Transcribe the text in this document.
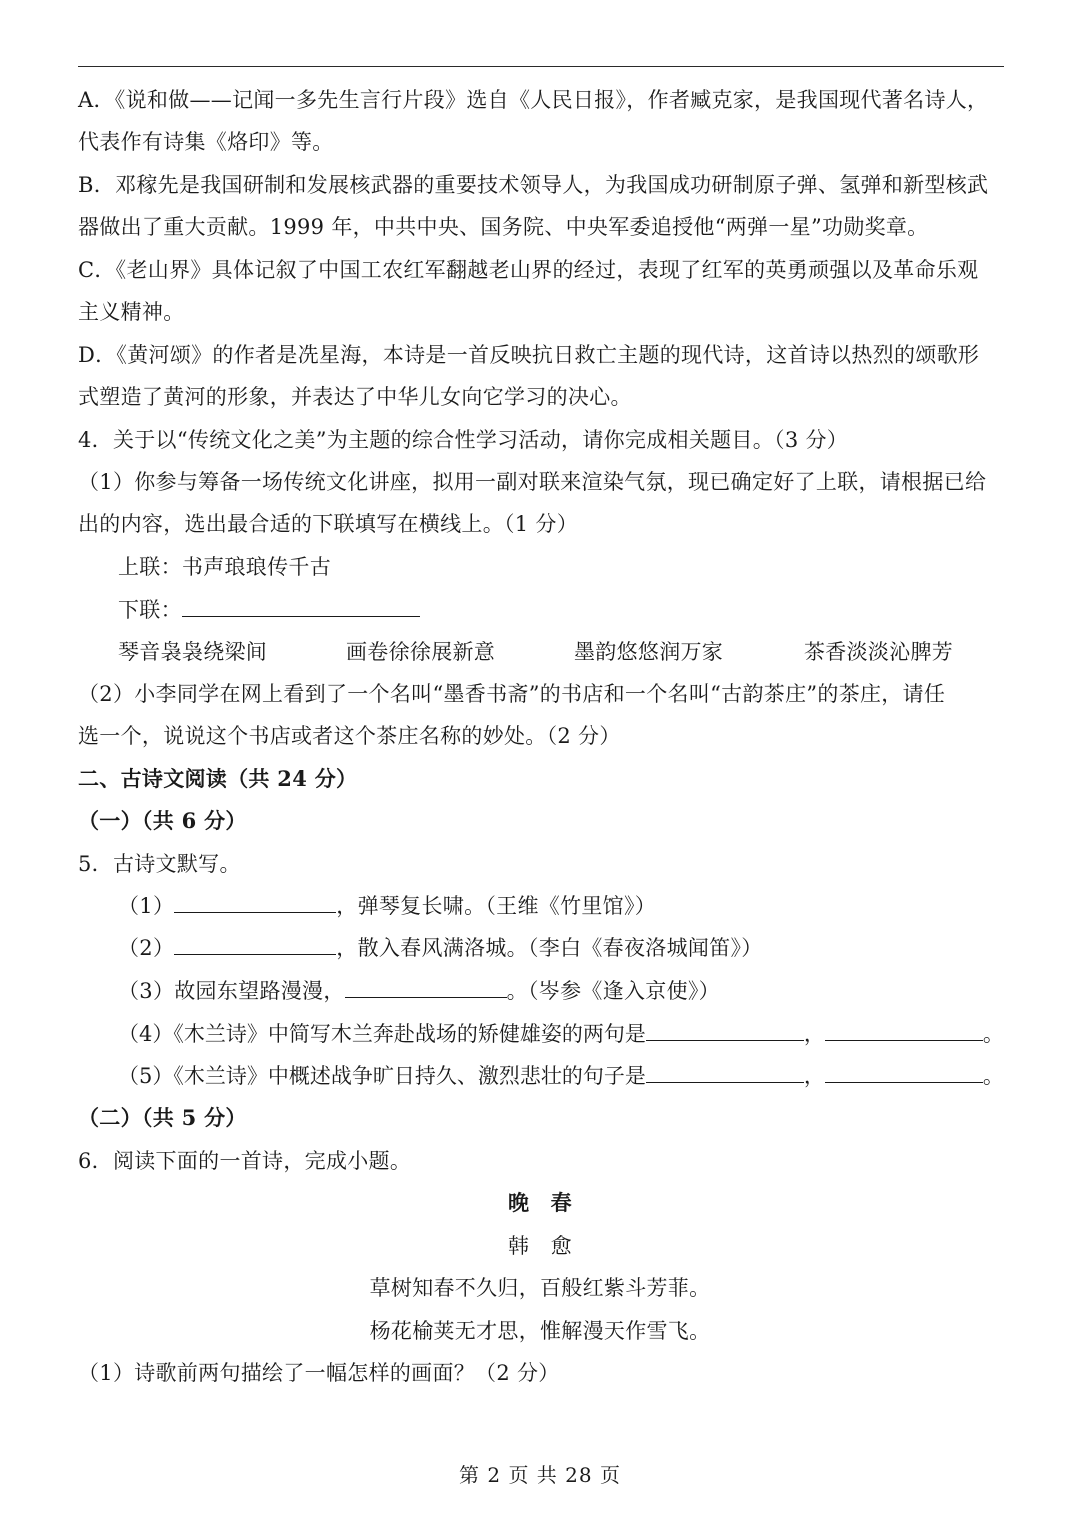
A．《说和做——记闻一多先生言行片段》选自《人民日报》，作者臧克家，是我国现代著名诗人，
代表作有诗集《烙印》等。
B．邓稼先是我国研制和发展核武器的重要技术领导人，为我国成功研制原子弹、氢弹和新型核武
器做出了重大贡献。1999 年，中共中央、国务院、中央军委追授他“两弹一星”功勋奖章。
C．《老山界》具体记叙了中国工农红军翻越老山界的经过，表现了红军的英勇顽强以及革命乐观
主义精神。
D．《黄河颂》的作者是冼星海，本诗是一首反映抗日救亡主题的现代诗，这首诗以热烈的颂歌形
式塑造了黄河的形象，并表达了中华儿女向它学习的决心。
4．关于以“传统文化之美”为主题的综合性学习活动，请你完成相关题目。（3 分）
（1）你参与筹备一场传统文化讲座，拟用一副对联来渲染气氛，现已确定好了上联，请根据已给
出的内容，选出最合适的下联填写在横线上。（1 分）
上联：书声琅琅传千古
下联：
琴音袅袅绕梁间	画卷徐徐展新意	墨韵悠悠润万家	茶香淡淡沁脾芳
（2）小李同学在网上看到了一个名叫“墨香书斋”的书店和一个名叫“古韵茶庄”的茶庄，请任
选一个，说说这个书店或者这个茶庄名称的妙处。（2 分）
二、古诗文阅读（共 24 分）
（一）（共 6 分）
5．古诗文默写。
（1）	，弹琴复长啸。（王维《竹里馆》）
（2）	，散入春风满洛城。（李白《春夜洛城闻笛》）
（3）故园东望路漫漫，	。（岑参《逢入京使》）
（4）《木兰诗》中简写木兰奔赴战场的矫健雄姿的两句是	，	。
（5）《木兰诗》中概述战争旷日持久、激烈悲壮的句子是	，	。
（二）（共 5 分）
6．阅读下面的一首诗，完成小题。
晚　春
韩　愈
草树知春不久归，百般红紫斗芳菲。
杨花榆荚无才思，惟解漫天作雪飞。
（1）诗歌前两句描绘了一幅怎样的画面？（2 分）
第 2 页 共 28 页
